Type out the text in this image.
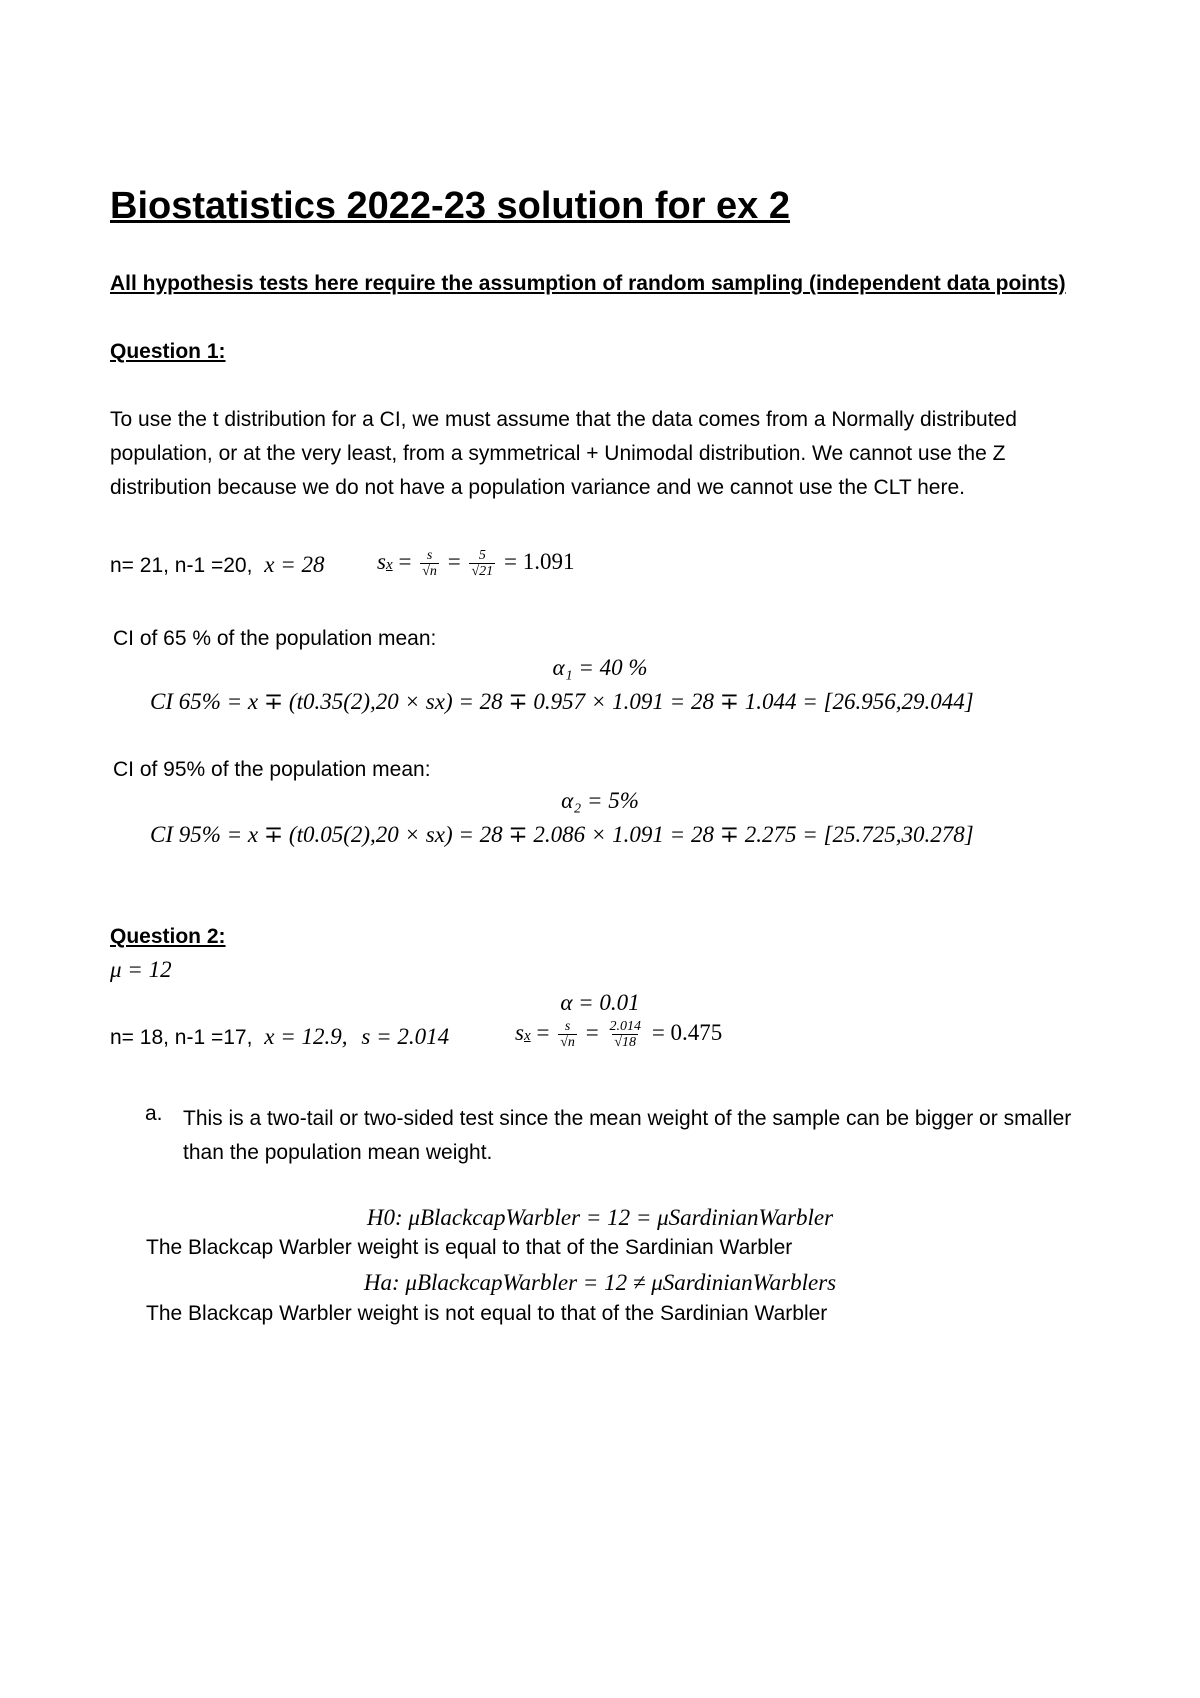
Biostatistics 2022-23 solution for ex 2
All hypothesis tests here require the assumption of random sampling (independent data points)
Question 1:
To use the t distribution for a CI, we must assume that the data comes from a Normally distributed population, or at the very least, from a symmetrical + Unimodal distribution. We cannot use the Z distribution because we do not have a population variance and we cannot use the CLT here.
n= 21, n-1 =20, x = 28 sx = $\frac{s}{√n} = \frac{5}{√21} = 1.091$
CI of 65 % of the population mean:
α₁ = 40 %
CI 65% = x ∓ (t0.35(2),20 × sx) = 28 ∓ 0.957 × 1.091 = 28 ∓ 1.044 = [26.956,29.044]
CI of 95% of the population mean:
α₂ = 5%
CI 95% = x ∓ (t0.05(2),20 × sx) = 28 ∓ 2.086 × 1.091 = 28 ∓ 2.275 = [25.725,30.278]
Question 2:
μ = 12
α = 0.01
n= 18, n-1 =17, x = 12.9, s = 2.014	sx = $\frac{s}{√n} = \frac{2.014}{√18} = 0.475$
a. This is a two-tail or two-sided test since the mean weight of the sample can be bigger or smaller than the population mean weight.
H0: μBlackcapWarbler = 12 = μSardinianWarbler
The Blackcap Warbler weight is equal to that of the Sardinian Warbler
Ha: μBlackcapWarbler = 12 ≠ μSardinianWarblers
The Blackcap Warbler weight is not equal to that of the Sardinian Warbler
